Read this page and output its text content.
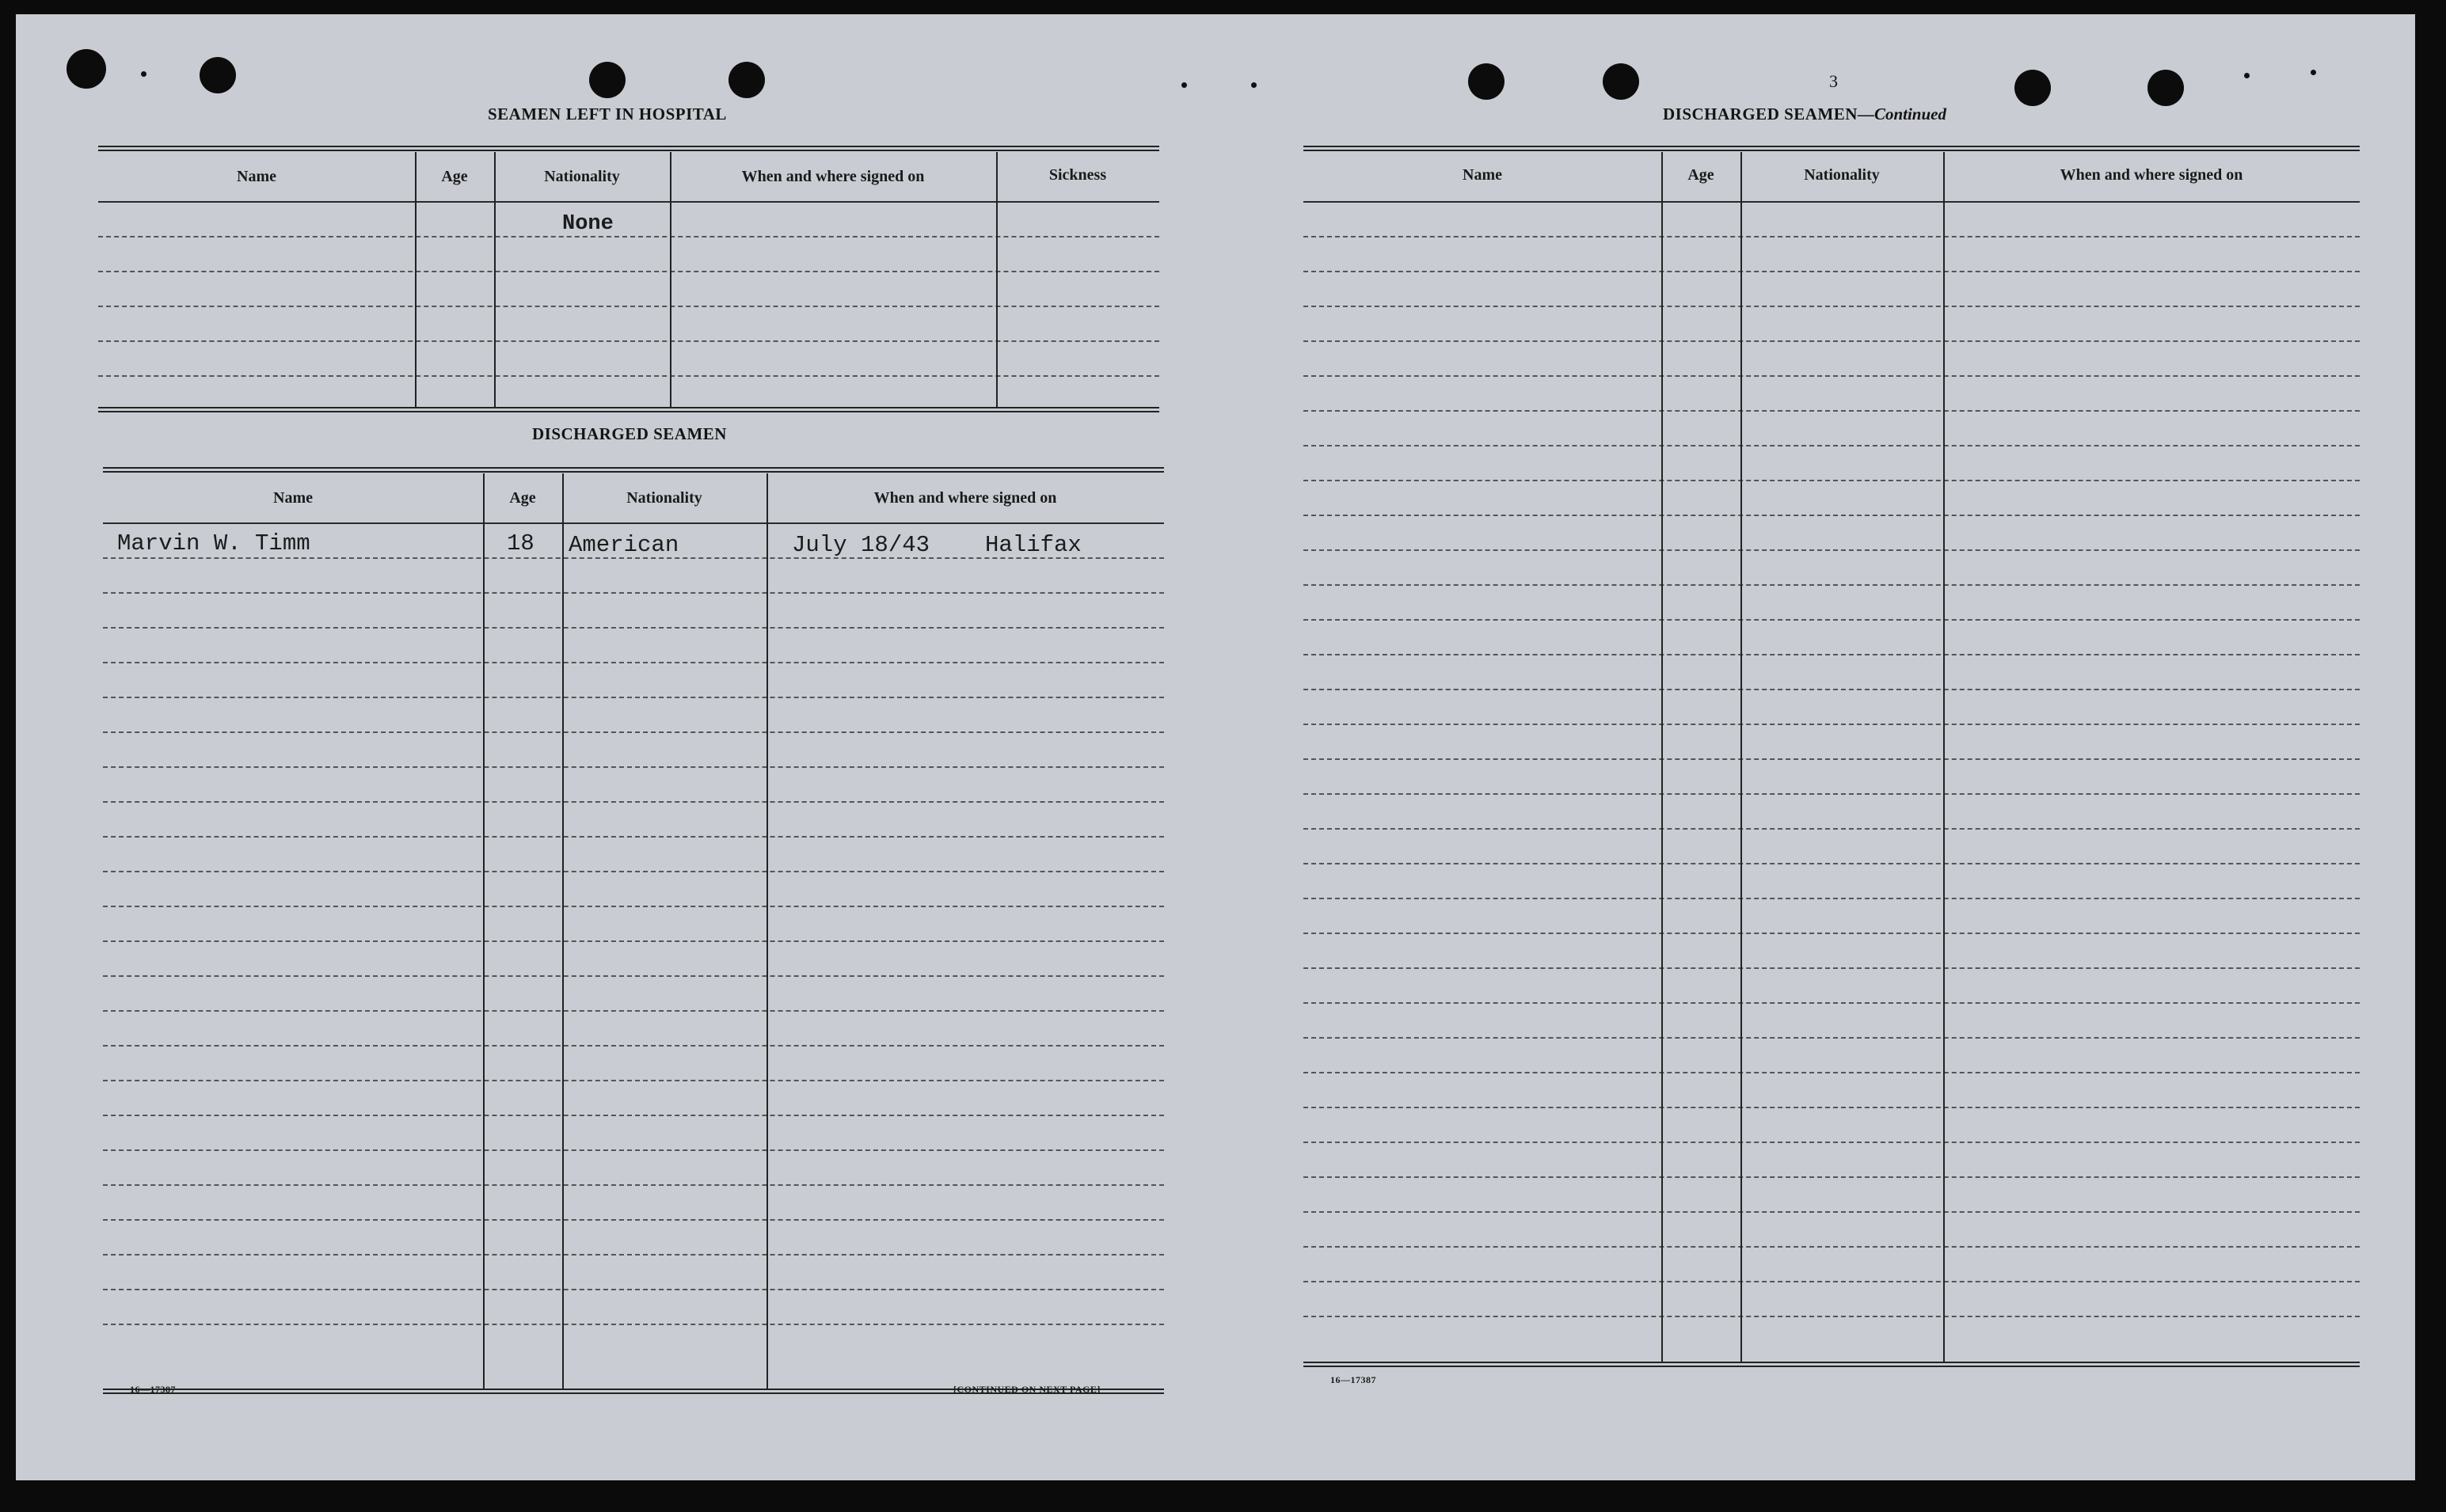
3
SEAMEN LEFT IN HOSPITAL
Name	Age	Nationality	When and where signed on	Sickness
None
DISCHARGED SEAMEN
Name	Age	Nationality	When and where signed on
Marvin W. Timm	18 American	July 18/43 Halifax
16—17387	[CONTINUED ON NEXT PAGE]
DISCHARGED SEAMEN—Continued
Name	Age	Nationality	When and where signed on
16—17387
